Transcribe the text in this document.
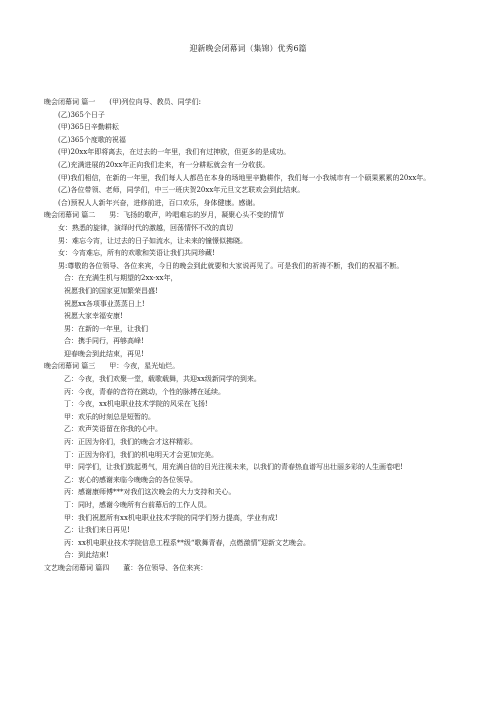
迎新晚会闭幕词（集锦）优秀6篇
晚会闭幕词 篇一　　(甲)列位向导、教员、同学们:
(乙)365个日子
(甲)365日辛勤耕耘
(乙)365个度歌的祝福
(甲)20xx年即将离去，在过去的一年里，我们有过抻欧，但更多的是成功。
(乙)充满进展的20xx年正向我们走来，有一分耕耘就会有一分收获。
(甲)我们相信，在新的一年里，我们每人人都邑在本身的场地里辛勤耕作，我们每一小我城市有一个硕果累累的20xx年。
(乙)各位带领、老师，同学们，中三一班庆贺20xx年元旦文艺联欢会到此结束。
(合)预祝人人新年兴奋，进修前进，百口欢乐，身体健康。感谢。
晚会闭幕词 篇二　　男：飞扬的歌声，吟唱难忘的岁月，凝聚心头不变的情节
女：熟悉的旋律，演绎时代的激越，回荡情怀不改的真切
男：难忘今宵，让过去的日子如流水，让未来的憧憬似拂晓。
女：今宵难忘，所有的欢歌和笑语让我们共同珍藏!
男:尊敬的各位领导、各位来宾，今日的晚会到此就要和大家说再见了。可是我们的祈祷不断，我们的祝福不断。
合：在充满生机与期望的2xx-xx年，
祝愿我们的国家更加繁荣昌盛!
祝愿xx各项事业蒸蒸日上!
祝愿大家幸福安康!
男：在新的一年里，让我们
合：携手同行，再够高峰!
迎春晚会到此结束，再见!
晚会闭幕词 篇三　　甲：今夜，星光灿烂。
乙：今夜，我们欢聚一堂，载歌载舞，共迎xx级新同学的到来。
丙：今夜，青春的音符在跳动，个性的脉搏在延续。
丁：今夜，xx机电职业技术学院的风采在飞扬!
甲：欢乐的时刻总是短暂的。
乙：欢声笑语留在你我的心中。
丙：正因为你们，我们的晚会才这样精彩。
丁：正因为你们，我们的机电明天才会更加完美。
甲：同学们，让我们鼓起勇气，用充满自信的目光注视未来，以我们的青春热血谱写出壮丽多彩的人生画卷吧!
乙：衷心的感谢来临今晚晚会的各位领导。
丙：感谢康师傅***对我们这次晚会的大力支持和关心。
丁：同时，感谢今晚所有台前幕后的工作人员。
甲：我们祝愿所有xx机电职业技术学院的同学们努力提高，学业有成!
乙：让我们来日再见!
丙：xx机电职业技术学院信息工程系**级“歌舞青春，点燃激情”迎新文艺晚会。
合：到此结束!
文艺晚会闭幕词 篇四　　董：各位领导、各位来宾：
